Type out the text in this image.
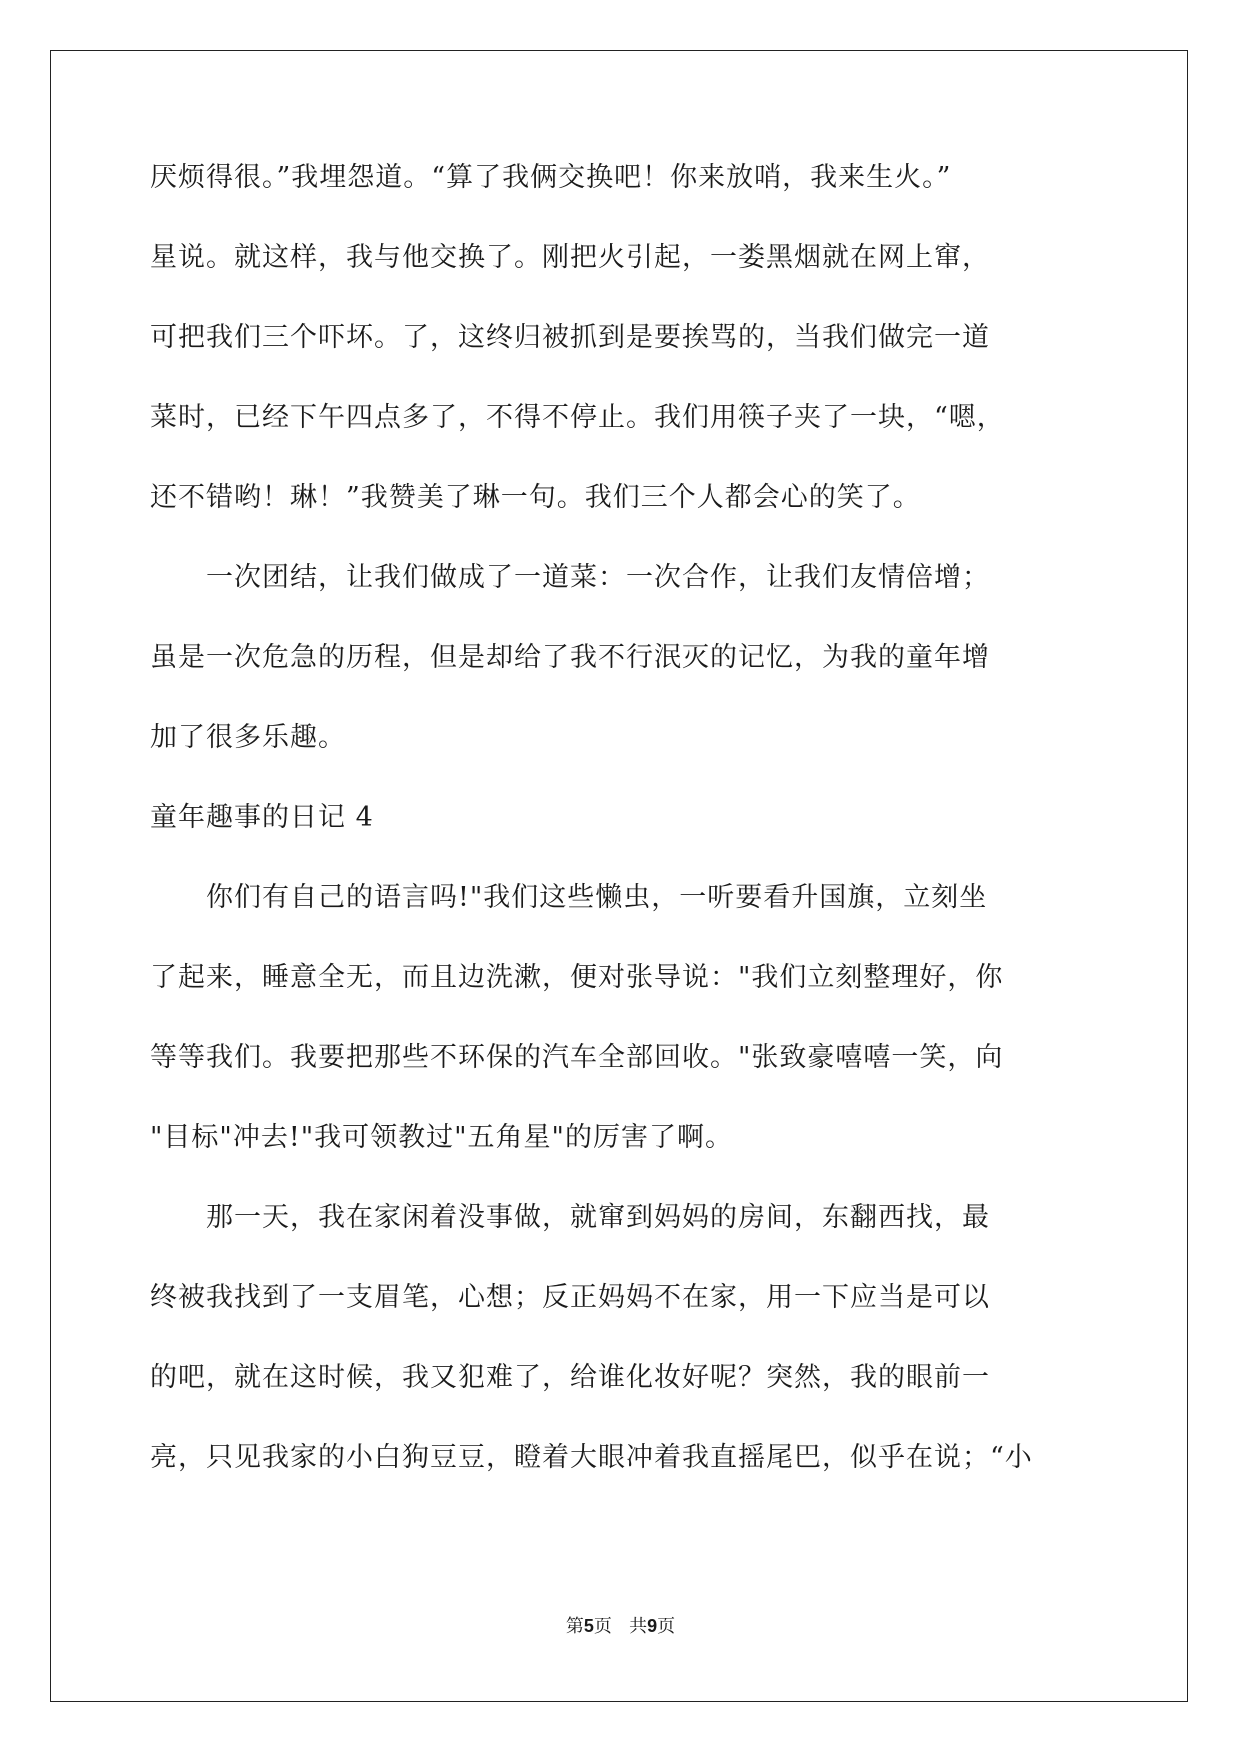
厌烦得很。”我埋怨道。“算了我俩交换吧！你来放哨，我来生火。”
星说。就这样，我与他交换了。刚把火引起，一娄黑烟就在网上窜，
可把我们三个吓坏。了，这终归被抓到是要挨骂的，当我们做完一道
菜时，已经下午四点多了，不得不停止。我们用筷子夹了一块，“嗯，
还不错哟！琳！”我赞美了琳一句。我们三个人都会心的笑了。
　　一次团结，让我们做成了一道菜：一次合作，让我们友情倍增；
虽是一次危急的历程，但是却给了我不行泯灭的记忆，为我的童年增
加了很多乐趣。
童年趣事的日记 4
　　你们有自己的语言吗!"我们这些懒虫，一听要看升国旗，立刻坐
了起来，睡意全无，而且边洗漱，便对张导说："我们立刻整理好，你
等等我们。我要把那些不环保的汽车全部回收。"张致豪嘻嘻一笑，向
"目标"冲去!"我可领教过"五角星"的厉害了啊。
　　那一天，我在家闲着没事做，就窜到妈妈的房间，东翻西找，最
终被我找到了一支眉笔，心想；反正妈妈不在家，用一下应当是可以
的吧，就在这时候，我又犯难了，给谁化妆好呢？突然，我的眼前一
亮，只见我家的小白狗豆豆，瞪着大眼冲着我直摇尾巴，似乎在说；“小
第5页   共9页
